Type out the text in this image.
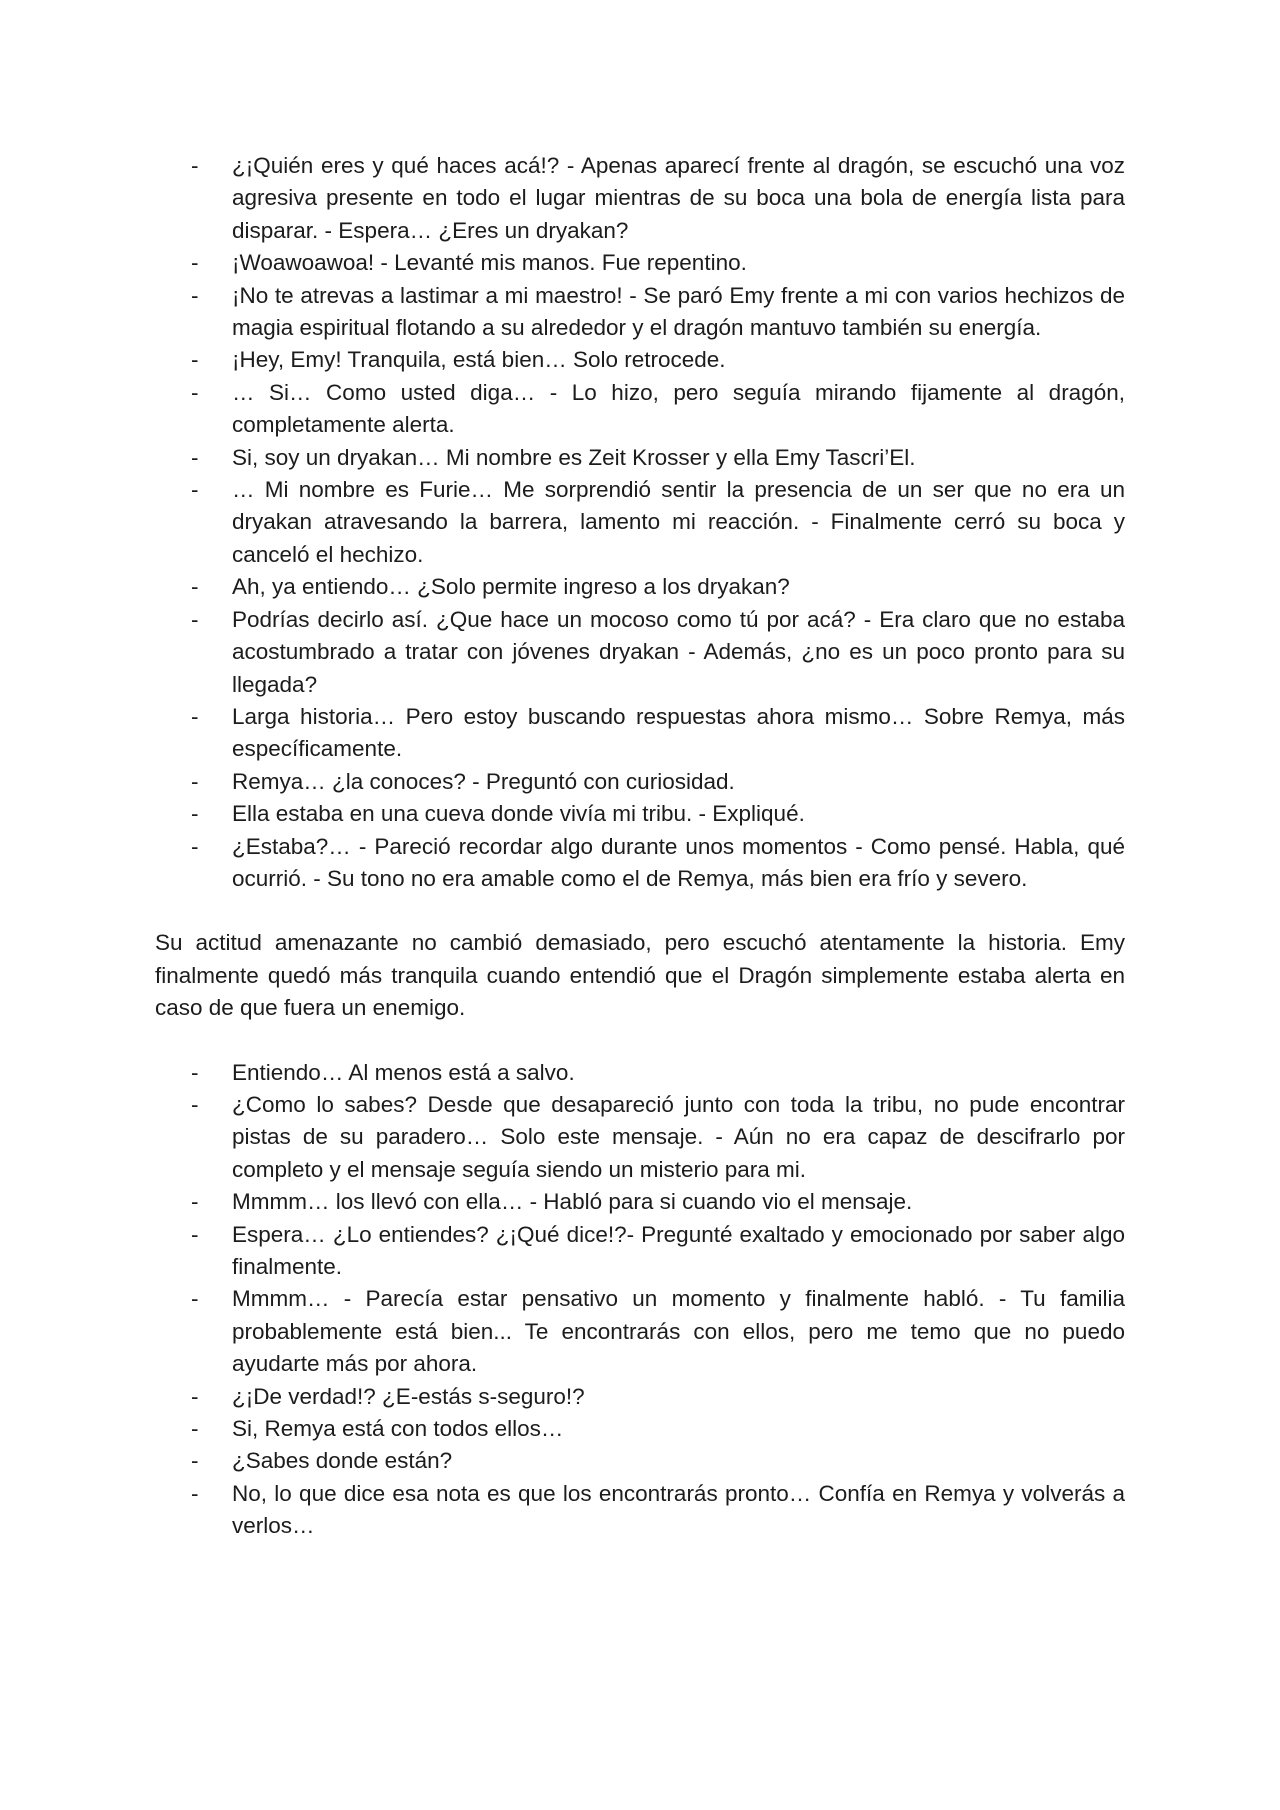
- ¿¡Quién eres y qué haces acá!? - Apenas aparecí frente al dragón, se escuchó una voz agresiva presente en todo el lugar mientras de su boca una bola de energía lista para disparar. - Espera… ¿Eres un dryakan?
- ¡Woawoawoa! - Levanté mis manos. Fue repentino.
- ¡No te atrevas a lastimar a mi maestro! - Se paró Emy frente a mi con varios hechizos de magia espiritual flotando a su alrededor y el dragón mantuvo también su energía.
- ¡Hey, Emy! Tranquila, está bien… Solo retrocede.
- … Si… Como usted diga… - Lo hizo, pero seguía mirando fijamente al dragón, completamente alerta.
- Si, soy un dryakan… Mi nombre es Zeit Krosser y ella Emy Tascri’El.
- … Mi nombre es Furie… Me sorprendió sentir la presencia de un ser que no era un dryakan atravesando la barrera, lamento mi reacción. - Finalmente cerró su boca y canceló el hechizo.
- Ah, ya entiendo… ¿Solo permite ingreso a los dryakan?
- Podrías decirlo así. ¿Que hace un mocoso como tú por acá? - Era claro que no estaba acostumbrado a tratar con jóvenes dryakan - Además, ¿no es un poco pronto para su llegada?
- Larga historia… Pero estoy buscando respuestas ahora mismo… Sobre Remya, más específicamente.
- Remya… ¿la conoces? - Preguntó con curiosidad.
- Ella estaba en una cueva donde vivía mi tribu. - Expliqué.
- ¿Estaba?… - Pareció recordar algo durante unos momentos - Como pensé. Habla, qué ocurrió. - Su tono no era amable como el de Remya, más bien era frío y severo.

Su actitud amenazante no cambió demasiado, pero escuchó atentamente la historia. Emy finalmente quedó más tranquila cuando entendió que el Dragón simplemente estaba alerta en caso de que fuera un enemigo.

- Entiendo… Al menos está a salvo.
- ¿Como lo sabes? Desde que desapareció junto con toda la tribu, no pude encontrar pistas de su paradero… Solo este mensaje. - Aún no era capaz de descifrarlo por completo y el mensaje seguía siendo un misterio para mi.
- Mmmm… los llevó con ella… - Habló para si cuando vio el mensaje.
- Espera… ¿Lo entiendes? ¿¡Qué dice!?- Pregunté exaltado y emocionado por saber algo finalmente.
- Mmmm… - Parecía estar pensativo un momento y finalmente habló. - Tu familia probablemente está bien... Te encontrarás con ellos, pero me temo que no puedo ayudarte más por ahora.
- ¿¡De verdad!? ¿E-estás s-seguro!?
- Si, Remya está con todos ellos…
- ¿Sabes donde están?
- No, lo que dice esa nota es que los encontrarás pronto… Confía en Remya y volverás a verlos…
